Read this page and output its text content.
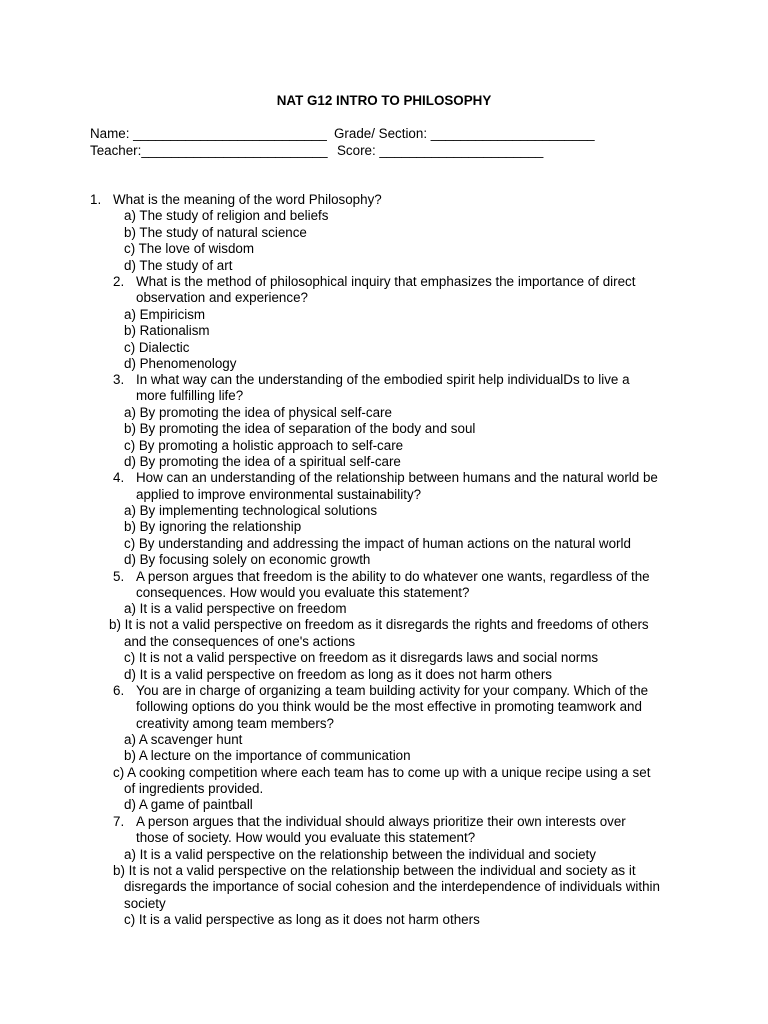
NAT G12 INTRO TO PHILOSOPHY
Name: __________________________ Grade/ Section: ______________________
Teacher:_________________________ Score: ______________________
1. What is the meaning of the word Philosophy?
a) The study of religion and beliefs
b) The study of natural science
c) The love of wisdom
d) The study of art
2. What is the method of philosophical inquiry that emphasizes the importance of direct
observation and experience?
a) Empiricism
b) Rationalism
c) Dialectic
d) Phenomenology
3. In what way can the understanding of the embodied spirit help individualDs to live a
more fulfilling life?
a) By promoting the idea of physical self-care
b) By promoting the idea of separation of the body and soul
c) By promoting a holistic approach to self-care
d) By promoting the idea of a spiritual self-care
4. How can an understanding of the relationship between humans and the natural world be
applied to improve environmental sustainability?
a) By implementing technological solutions
b) By ignoring the relationship
c) By understanding and addressing the impact of human actions on the natural world
d) By focusing solely on economic growth
5. A person argues that freedom is the ability to do whatever one wants, regardless of the
consequences. How would you evaluate this statement?
a) It is a valid perspective on freedom
b) It is not a valid perspective on freedom as it disregards the rights and freedoms of others
and the consequences of one's actions
c) It is not a valid perspective on freedom as it disregards laws and social norms
d) It is a valid perspective on freedom as long as it does not harm others
6. You are in charge of organizing a team building activity for your company. Which of the
following options do you think would be the most effective in promoting teamwork and
creativity among team members?
a) A scavenger hunt
b) A lecture on the importance of communication
c) A cooking competition where each team has to come up with a unique recipe using a set
of ingredients provided.
d) A game of paintball
7. A person argues that the individual should always prioritize their own interests over
those of society. How would you evaluate this statement?
a) It is a valid perspective on the relationship between the individual and society
b) It is not a valid perspective on the relationship between the individual and society as it
disregards the importance of social cohesion and the interdependence of individuals within
society
c) It is a valid perspective as long as it does not harm others
